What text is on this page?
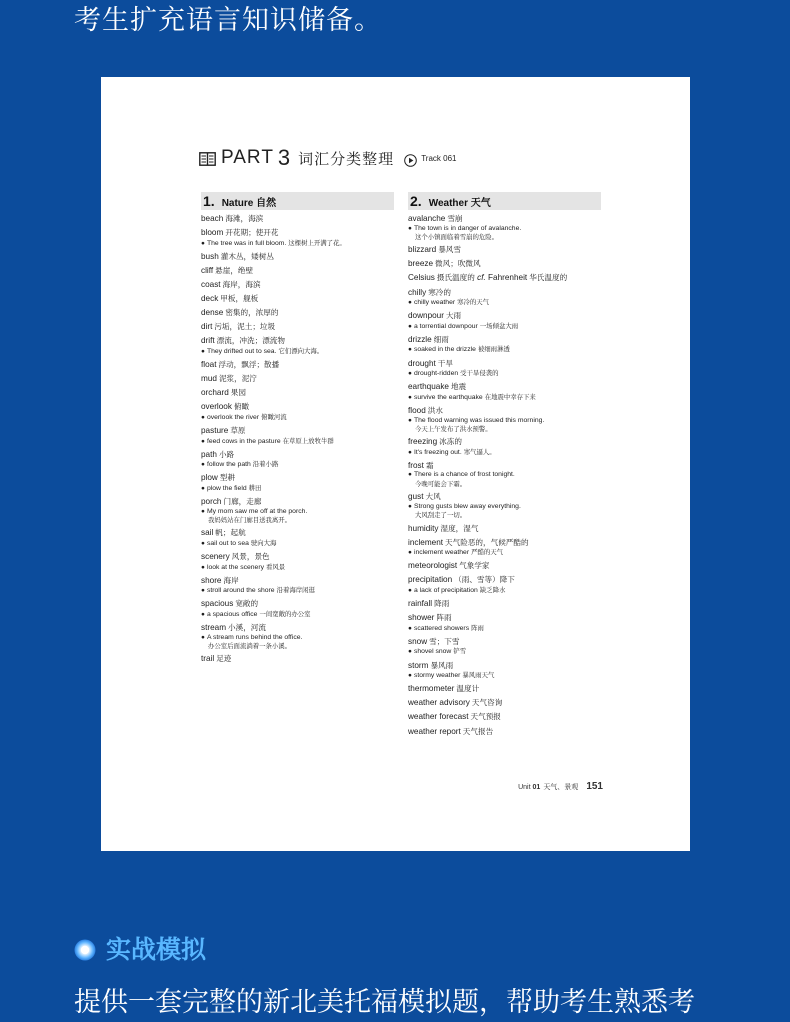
考生扩充语言知识储备。
PART 3 词汇分类整理	Track 061
1. Nature 自然
beach 海滩，海滨
bloom 开花期；使开花
● The tree was in full bloom. 这棵树上开满了花。
bush 灌木丛，矮树丛
cliff 悬崖，绝壁
coast 海岸，海滨
deck 甲板，舰板
dense 密集的，浓厚的
dirt 污垢，泥土；垃圾
drift 漂流，冲洗；漂流物
● They drifted out to sea. 它们漂向大海。
float 浮动，飘浮；散播
mud 泥浆，泥泞
orchard 果园
overlook 俯瞰
● overlook the river 俯瞰河流
pasture 草原
● feed cows in the pasture 在草原上放牧牛群
path 小路
● follow the path 沿着小路
plow 型耕
● plow the field 耕田
porch 门廊，走廊
● My mom saw me off at the porch.
我妈妈站在门廊目送我离开。
sail 帆；起航
● sail out to sea 驶向大海
scenery 风景，景色
● look at the scenery 看风景
shore 海岸
● stroll around the shore 沿着海岸闲逛
spacious 宽敞的
● a spacious office 一间宽敞的办公室
stream 小溪，河流
● A stream runs behind the office.
办公室后面流淌着一条小溪。
trail 足迹
2. Weather 天气
avalanche 雪崩
● The town is in danger of avalanche.
这个小镇面临着雪崩的危险。
blizzard 暴风雪
breeze 微风；吹微风
Celsius 摄氏温度的 cf. Fahrenheit 华氏温度的
chilly 寒冷的
● chilly weather 寒冷的天气
downpour 大雨
● a torrential downpour 一场倾盆大雨
drizzle 细雨
● soaked in the drizzle 被细雨淋透
drought 干旱
● drought-ridden 受干旱侵袭的
earthquake 地震
● survive the earthquake 在地震中幸存下来
flood 洪水
● The flood warning was issued this morning.
今天上午发布了洪水预警。
freezing 冰冻的
● It's freezing out. 寒气逼人。
frost 霜
● There is a chance of frost tonight.
今晚可能会下霜。
gust 大风
● Strong gusts blew away everything.
大风刮走了一切。
humidity 湿度，湿气
inclement 天气险恶的，气候严酷的
● inclement weather 严酷的天气
meteorologist 气象学家
precipitation （雨、雪等）降下
● a lack of precipitation 缺乏降水
rainfall 降雨
shower 阵雨
● scattered showers 阵雨
snow 雪；下雪
● shovel snow 铲雪
storm 暴风雨
● stormy weather 暴风雨天气
thermometer 温度计
weather advisory 天气咨询
weather forecast 天气预报
weather report 天气报告
Unit 01 天气、景观 151
实战模拟
提供一套完整的新北美托福模拟题，帮助考生熟悉考
